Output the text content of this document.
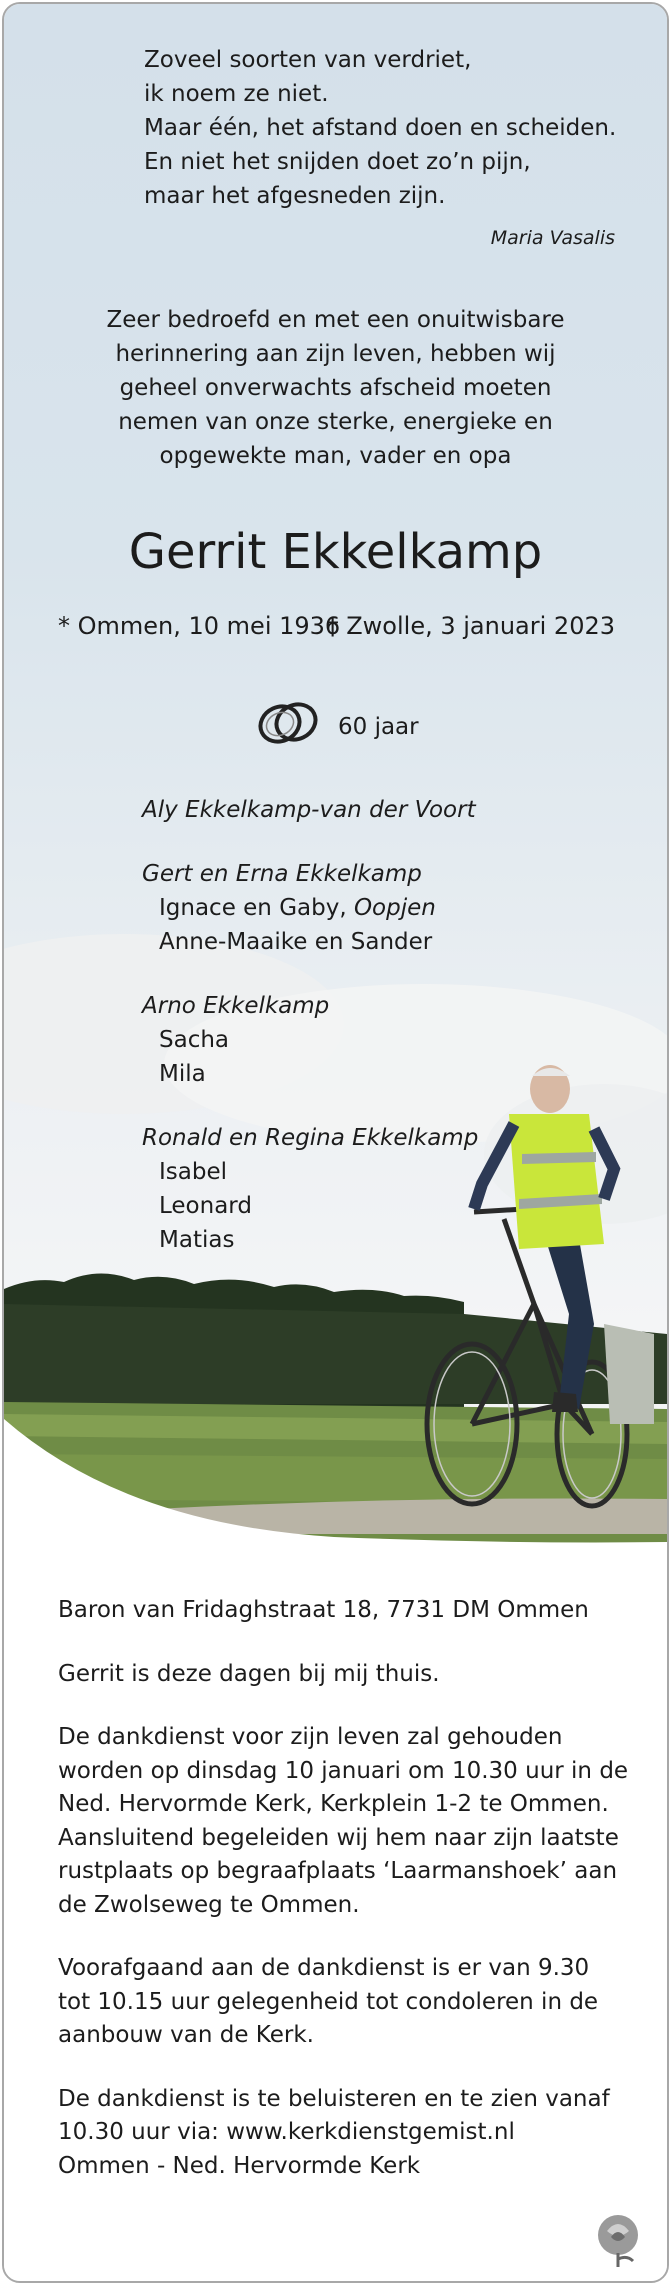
Zoveel soorten van verdriet,
ik noem ze niet.
Maar één, het afstand doen en scheiden.
En niet het snijden doet zo’n pijn,
maar het afgesneden zijn.
Maria Vasalis
Zeer bedroefd en met een onuitwisbare
herinnering aan zijn leven, hebben wij
geheel onverwachts afscheid moeten
nemen van onze sterke, energieke en
opgewekte man, vader en opa
Gerrit Ekkelkamp
* Ommen, 10 mei 1936
† Zwolle, 3 januari 2023
60 jaar
Aly Ekkelkamp-van der Voort
Gert en Erna Ekkelkamp
Ignace en Gaby, Oopjen
Anne-Maaike en Sander
Arno Ekkelkamp
Sacha
Mila
Ronald en Regina Ekkelkamp
Isabel
Leonard
Matias
Baron van Fridaghstraat 18, 7731 DM Ommen
Gerrit is deze dagen bij mij thuis.
De dankdienst voor zijn leven zal gehouden
worden op dinsdag 10 januari om 10.30 uur in de
Ned. Hervormde Kerk, Kerkplein 1-2 te Ommen.
Aansluitend begeleiden wij hem naar zijn laatste
rustplaats op begraafplaats ‘Laarmanshoek’ aan
de Zwolseweg te Ommen.
Voorafgaand aan de dankdienst is er van 9.30
tot 10.15 uur gelegenheid tot condoleren in de
aanbouw van de Kerk.
De dankdienst is te beluisteren en te zien vanaf
10.30 uur via: www.kerkdienstgemist.nl
Ommen - Ned. Hervormde Kerk
